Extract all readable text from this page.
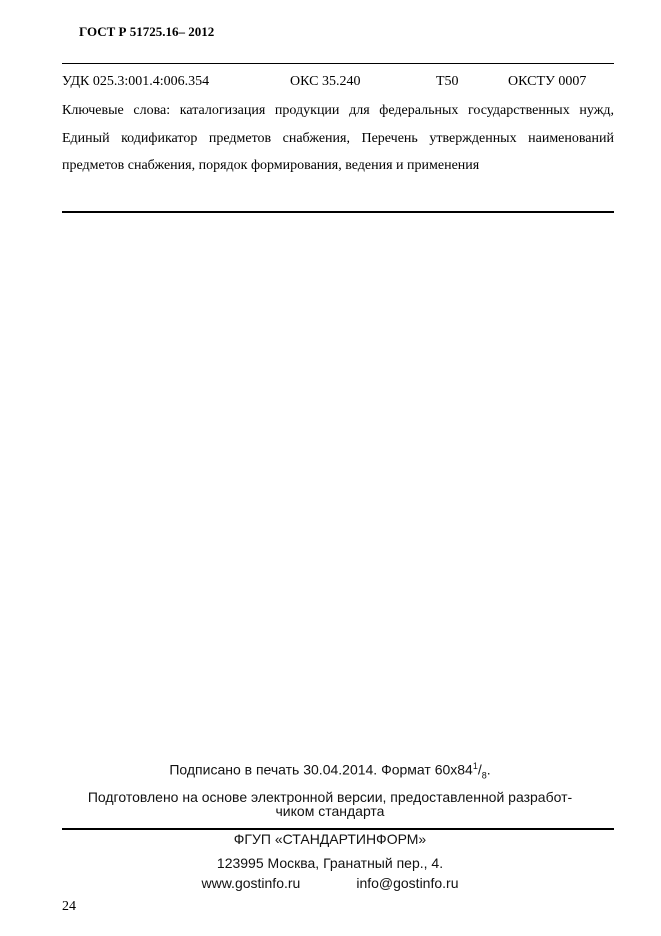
ГОСТ Р 51725.16– 2012
УДК 025.3:001.4:006.354	ОКС 35.240	Т50	ОКСТУ 0007
Ключевые слова: каталогизация продукции для федеральных государственных нужд, Единый кодификатор предметов снабжения, Перечень утвержденных наименований предметов снабжения, порядок формирования, ведения и применения
Подписано в печать 30.04.2014. Формат $60x84^1/_8$.
Подготовлено на основе электронной версии, предоставленной разработ-
чиком стандарта
ФГУП «СТАНДАРТИНФОРМ»
123995 Москва, Гранатный пер., 4.
www.gostinfo.ru	info@gostinfo.ru
24
